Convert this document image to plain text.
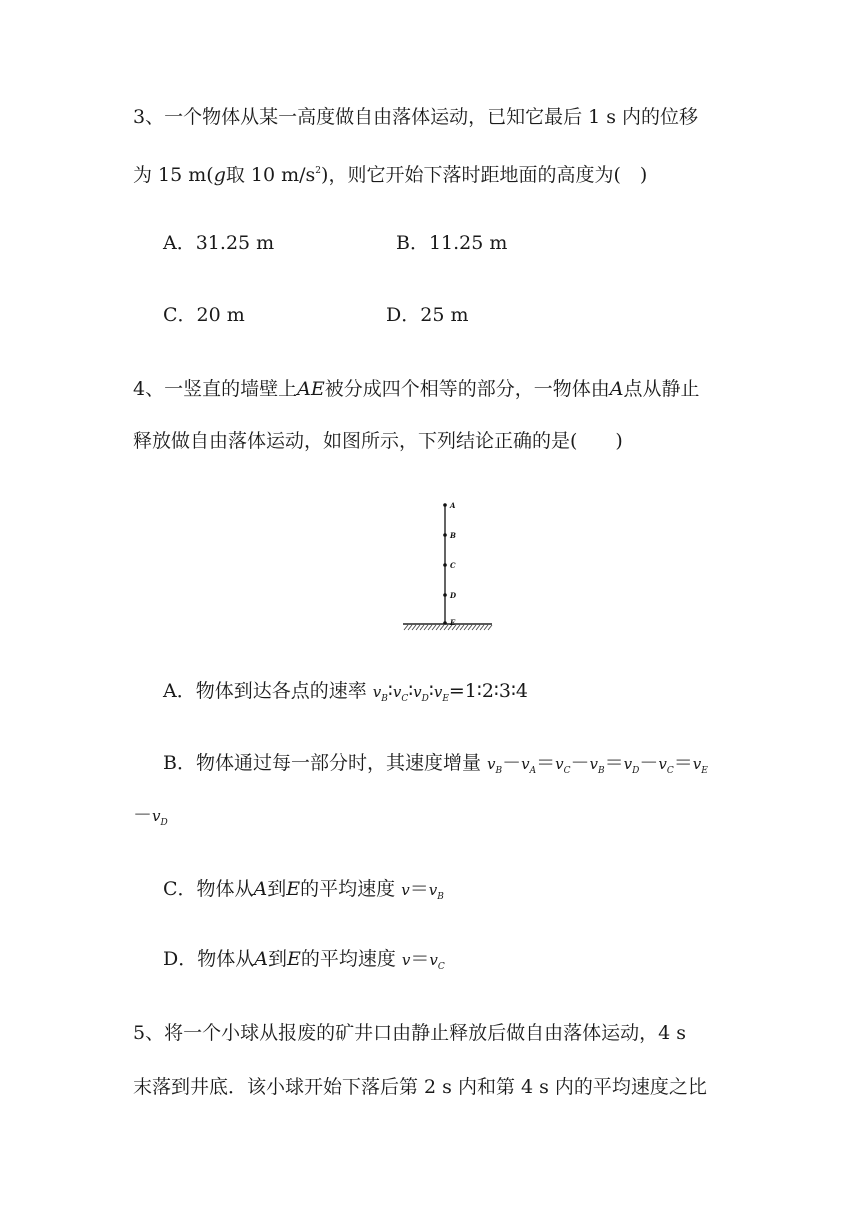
3、一个物体从某一高度做自由落体运动，已知它最后 1 s 内的位移
为 15 m(g取 10 $m/s^2$)，则它开始下落时距地面的高度为(　)
A．31.25 m	B．11.25 m
C．20 m	D．25 m
4、一竖直的墙壁上AE被分成四个相等的部分，一物体由A点从静止
释放做自由落体运动，如图所示，下列结论正确的是(　　)
A
B
C
D
E
A．物体到达各点的速率 $v_B∶v_C∶v_D∶v_E=1∶2∶3∶4$
B．物体通过每一部分时，其速度增量 $v_B-v_A=v_C-v_B=v_D-v_C=v_E$
$-v_D$
C．物体从A到E的平均速度 $v=v_B$
D．物体从A到E的平均速度 $v=v_C$
5、将一个小球从报废的矿井口由静止释放后做自由落体运动，4 s
末落到井底．该小球开始下落后第 2 s 内和第 4 s 内的平均速度之比
